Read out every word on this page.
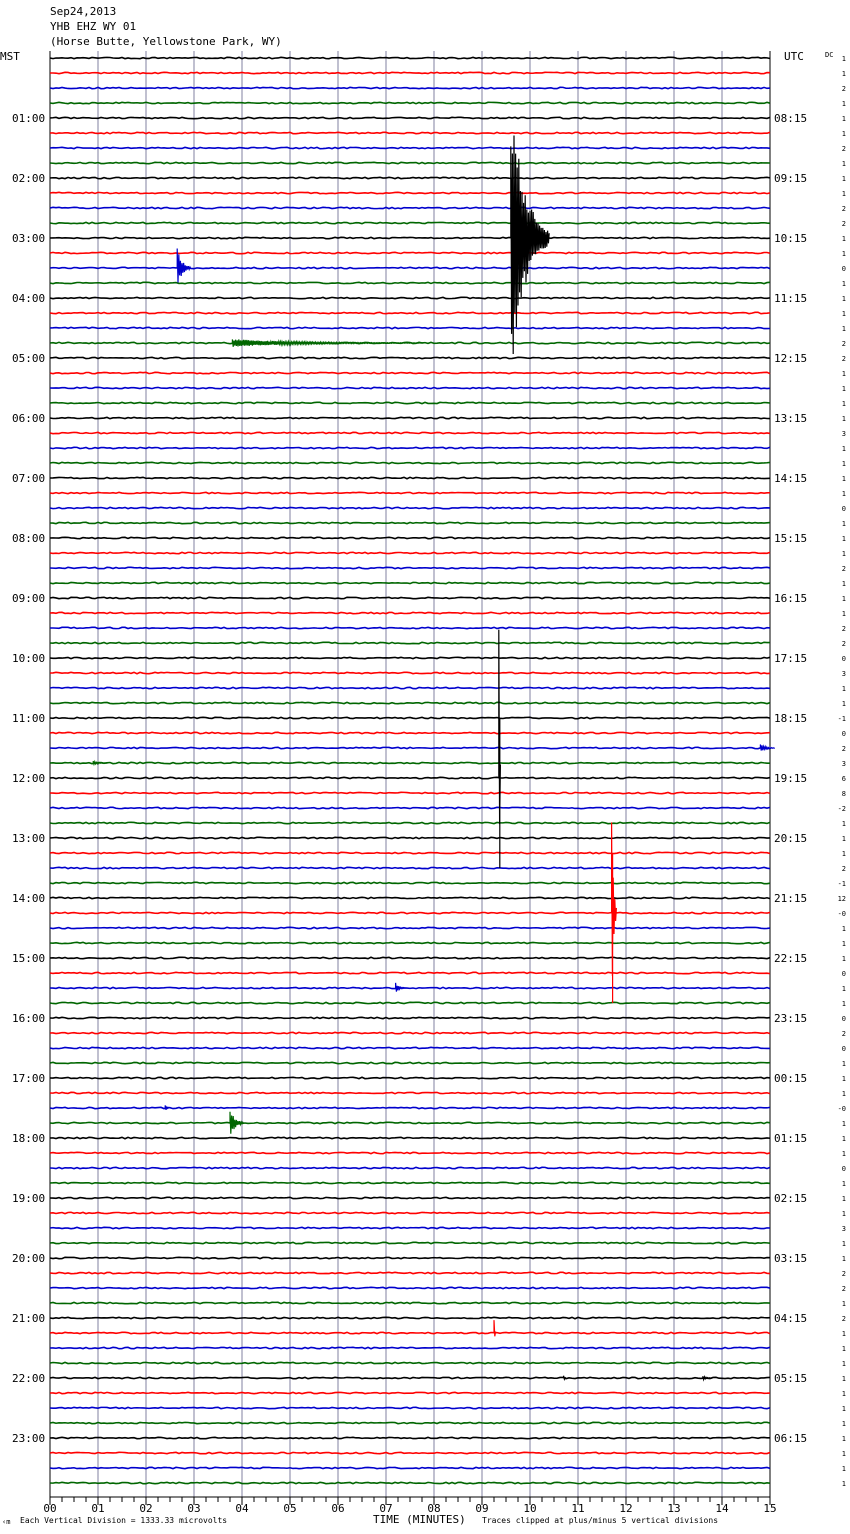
Sep24,2013
YHB EHZ WY 01
(Horse Butte, Yellowstone Park, WY)
MST	UTC	DC
01:00
02:00
03:00
04:00
05:00
06:00
07:00
08:00
09:00
10:00
11:00
12:00
13:00
14:00
15:00
16:00
17:00
18:00
19:00
20:00
21:00
22:00
23:00
08:15
09:15
10:15
11:15
12:15
13:15
14:15
15:15
16:15
17:15
18:15
19:15
20:15
21:15
22:15
23:15
00:15
01:15
02:15
03:15
04:15
05:15
06:15
1
1
2
1
1
1
2
1
1
1
2
2
1
1
0
1
1
1
1
2
2
1
1
1
1
3
1
1
1
1
0
1
1
1
2
1
1
1
2
2
0
3
1
1
-1
0
2
3
6
8
-2
1
1
1
2
-1
12
-0
1
1
1
0
1
1
0
2
0
1
1
1
-0
1
1
1
0
1
1
1
3
1
1
2
2
1
2
1
1
1
1
1
1
1
1
1
1
1
00	01	02	03	04	05	06	07	08	09	10	11	12	13	14	15
‹m Each Vertical Division = 1333.33 microvolts	TIME (MINUTES) Traces clipped at plus/minus 5 vertical divisions
